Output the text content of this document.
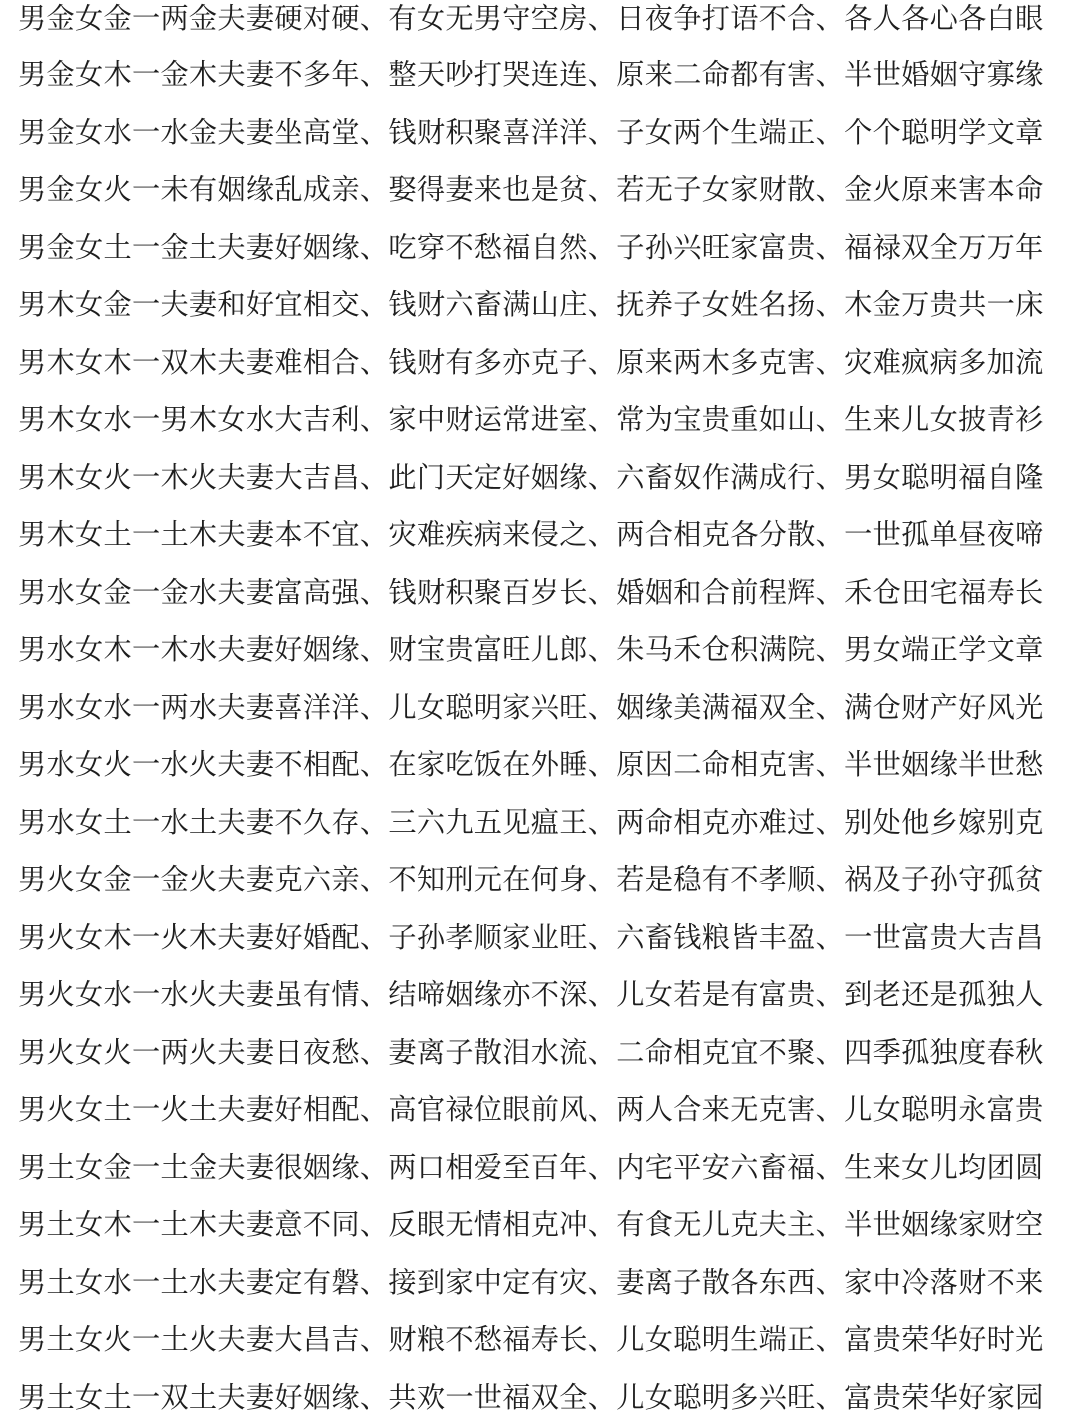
男金女金一两金夫妻硬对硬、有女无男守空房、日夜争打语不合、各人各心各白眼
男金女木一金木夫妻不多年、整天吵打哭连连、原来二命都有害、半世婚姻守寡缘
男金女水一水金夫妻坐高堂、钱财积聚喜洋洋、子女两个生端正、个个聪明学文章
男金女火一未有姻缘乱成亲、娶得妻来也是贫、若无子女家财散、金火原来害本命
男金女土一金土夫妻好姻缘、吃穿不愁福自然、子孙兴旺家富贵、福禄双全万万年
男木女金一夫妻和好宜相交、钱财六畜满山庄、抚养子女姓名扬、木金万贵共一床
男木女木一双木夫妻难相合、钱财有多亦克子、原来两木多克害、灾难疯病多加流
男木女水一男木女水大吉利、家中财运常进室、常为宝贵重如山、生来儿女披青衫
男木女火一木火夫妻大吉昌、此门天定好姻缘、六畜奴作满成行、男女聪明福自隆
男木女土一土木夫妻本不宜、灾难疾病来侵之、两合相克各分散、一世孤单昼夜啼
男水女金一金水夫妻富高强、钱财积聚百岁长、婚姻和合前程辉、禾仓田宅福寿长
男水女木一木水夫妻好姻缘、财宝贵富旺儿郎、朱马禾仓积满院、男女端正学文章
男水女水一两水夫妻喜洋洋、儿女聪明家兴旺、姻缘美满福双全、满仓财产好风光
男水女火一水火夫妻不相配、在家吃饭在外睡、原因二命相克害、半世姻缘半世愁
男水女土一水土夫妻不久存、三六九五见瘟王、两命相克亦难过、别处他乡嫁别克
男火女金一金火夫妻克六亲、不知刑元在何身、若是稳有不孝顺、祸及子孙守孤贫
男火女木一火木夫妻好婚配、子孙孝顺家业旺、六畜钱粮皆丰盈、一世富贵大吉昌
男火女水一水火夫妻虽有情、结啼姻缘亦不深、儿女若是有富贵、到老还是孤独人
男火女火一两火夫妻日夜愁、妻离子散泪水流、二命相克宜不聚、四季孤独度春秋
男火女土一火土夫妻好相配、高官禄位眼前风、两人合来无克害、儿女聪明永富贵
男土女金一土金夫妻很姻缘、两口相爱至百年、内宅平安六畜福、生来女儿均团圆
男土女木一土木夫妻意不同、反眼无情相克冲、有食无儿克夫主、半世姻缘家财空
男土女水一土水夫妻定有磐、接到家中定有灾、妻离子散各东西、家中冷落财不来
男土女火一土火夫妻大昌吉、财粮不愁福寿长、儿女聪明生端正、富贵荣华好时光
男土女土一双土夫妻好姻缘、共欢一世福双全、儿女聪明多兴旺、富贵荣华好家园
